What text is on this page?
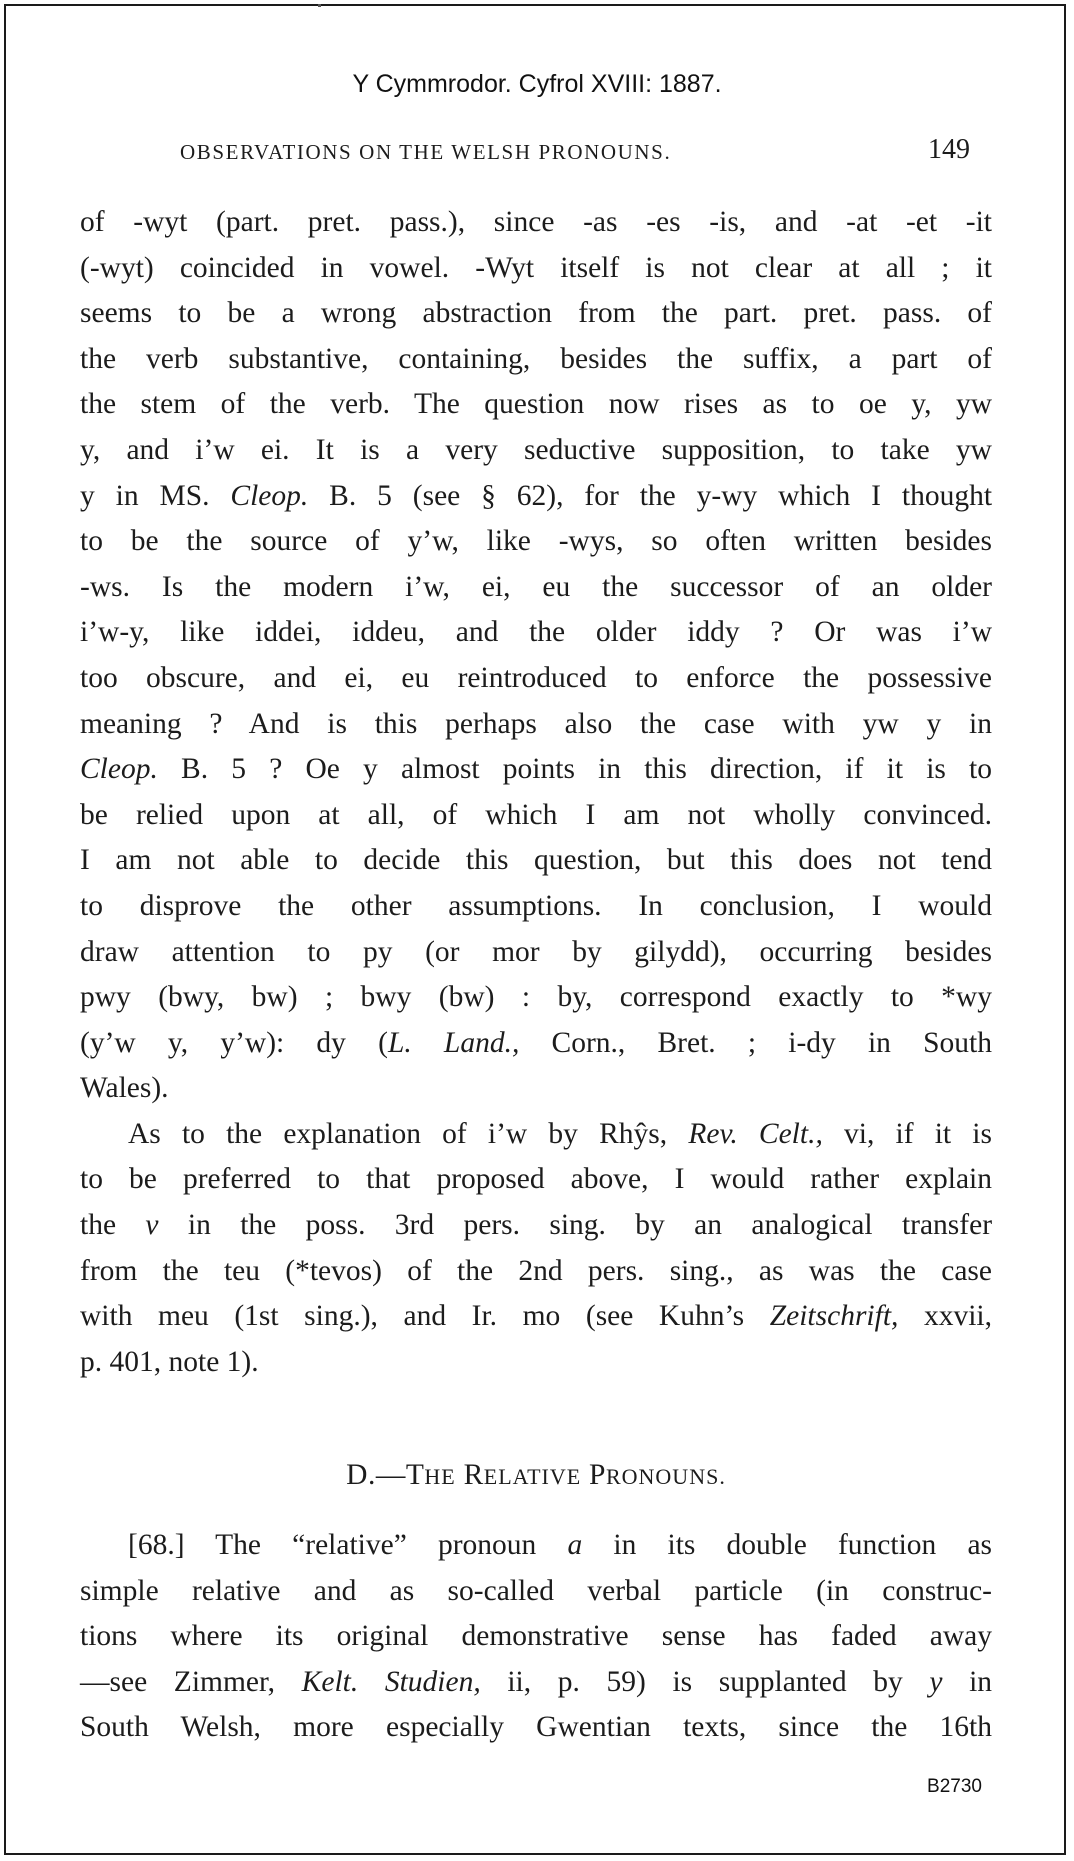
Y Cymmrodor. Cyfrol XVIII: 1887.
OBSERVATIONS ON THE WELSH PRONOUNS.	149
of -wyt (part. pret. pass.), since -as -es -is, and -at -et -it
(-wyt) coincided in vowel. -Wyt itself is not clear at all ; it
seems to be a wrong abstraction from the part. pret. pass. of
the verb substantive, containing, besides the suffix, a part of
the stem of the verb. The question now rises as to oe y, yw
y, and i’w ei. It is a very seductive supposition, to take yw
y in MS. Cleop. B. 5 (see § 62), for the y-wy which I thought
to be the source of y’w, like -wys, so often written besides
-ws. Is the modern i’w, ei, eu the successor of an older
i’w-y, like iddei, iddeu, and the older iddy ? Or was i’w
too obscure, and ei, eu reintroduced to enforce the possessive
meaning ? And is this perhaps also the case with yw y in
Cleop. B. 5 ? Oe y almost points in this direction, if it is to
be relied upon at all, of which I am not wholly convinced.
I am not able to decide this question, but this does not tend
to disprove the other assumptions. In conclusion, I would
draw attention to py (or mor by gilydd), occurring besides
pwy (bwy, bw) ; bwy (bw) : by, correspond exactly to *wy
(y’w y, y’w): dy (L. Land., Corn., Bret. ; i-dy in South
Wales).
As to the explanation of i’w by Rhŷs, Rev. Celt., vi, if it is
to be preferred to that proposed above, I would rather explain
the v in the poss. 3rd pers. sing. by an analogical transfer
from the teu (*tevos) of the 2nd pers. sing., as was the case
with meu (1st sing.), and Ir. mo (see Kuhn’s Zeitschrift, xxvii,
p. 401, note 1).
D.—THE RELATIVE PRONOUNS.
[68.] The “relative” pronoun a in its double function as
simple relative and as so-called verbal particle (in construc-
tions where its original demonstrative sense has faded away
—see Zimmer, Kelt. Studien, ii, p. 59) is supplanted by y in
South Welsh, more especially Gwentian texts, since the 16th
B2730
